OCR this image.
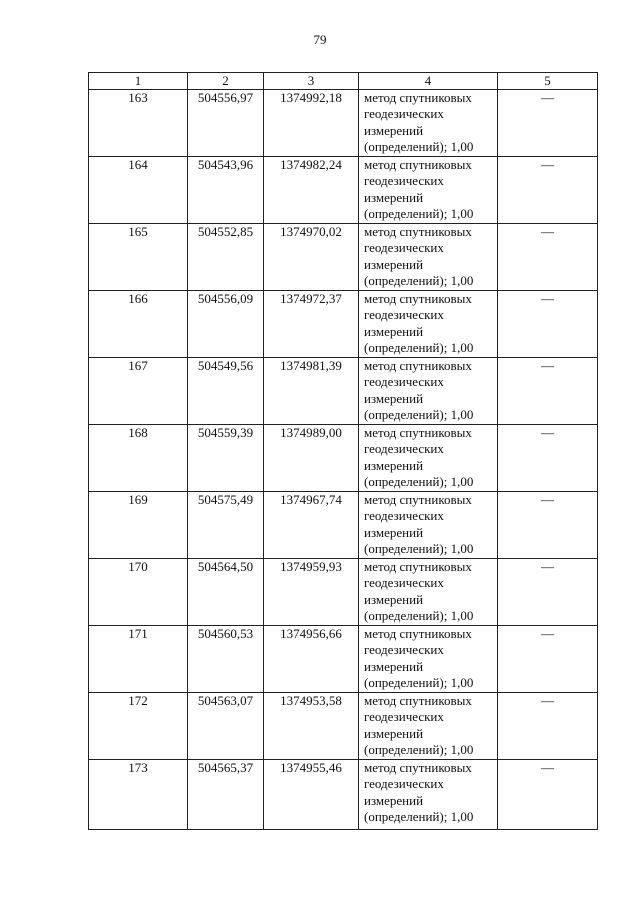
79
1	2	3	4	5
163	504556,97	1374992,18	метод спутниковых
геодезических
измерений
(определений); 1,00	—
164	504543,96	1374982,24	метод спутниковых
геодезических
измерений
(определений); 1,00	—
165	504552,85	1374970,02	метод спутниковых
геодезических
измерений
(определений); 1,00	—
166	504556,09	1374972,37	метод спутниковых
геодезических
измерений
(определений); 1,00	—
167	504549,56	1374981,39	метод спутниковых
геодезических
измерений
(определений); 1,00	—
168	504559,39	1374989,00	метод спутниковых
геодезических
измерений
(определений); 1,00	—
169	504575,49	1374967,74	метод спутниковых
геодезических
измерений
(определений); 1,00	—
170	504564,50	1374959,93	метод спутниковых
геодезических
измерений
(определений); 1,00	—
171	504560,53	1374956,66	метод спутниковых
геодезических
измерений
(определений); 1,00	—
172	504563,07	1374953,58	метод спутниковых
геодезических
измерений
(определений); 1,00	—
173	504565,37	1374955,46	метод спутниковых
геодезических
измерений
(определений); 1,00	—
